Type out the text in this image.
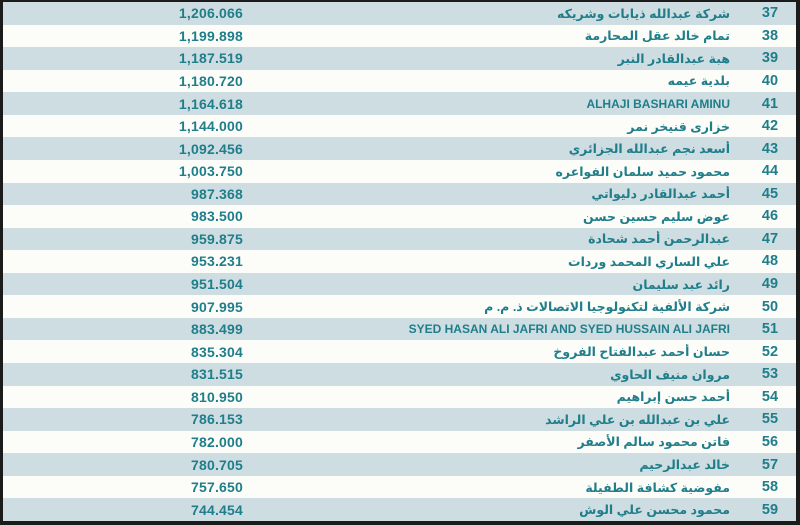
1,206.066	شركة عبدالله ذيابات وشريكه	37
1,199.898	تمام خالد عقل المحارمة	38
1,187.519	هبة عبدالقادر النبر	39
1,180.720	بلدية عيمه	40
1,164.618	ALHAJI BASHARI AMINU	41
1,144.000	خزارى قنيخر نمر	42
1,092.456	أسعد نجم عبدالله الجزائري	43
1,003.750	محمود حميد سلمان الفواعره	44
987.368	أحمد عبدالقادر دليواتي	45
983.500	عوض سليم حسين حسن	46
959.875	عبدالرحمن أحمد شحادة	47
953.231	علي الساري المحمد وردات	48
951.504	رائد عبد سليمان	49
907.995	شركة الألفية لتكنولوجيا الاتصالات ذ. م. م	50
883.499	SYED HASAN ALI JAFRI AND SYED HUSSAIN ALI JAFRI	51
835.304	حسان أحمد عبدالفتاح الفروخ	52
831.515	مروان منيف الحاوي	53
810.950	أحمد حسن إبراهيم	54
786.153	علي بن عبدالله بن علي الراشد	55
782.000	فاتن محمود سالم الأصفر	56
780.705	خالد عبدالرحيم	57
757.650	مفوضية كشافة الطفيلة	58
744.454	محمود محسن علي الوش	59
